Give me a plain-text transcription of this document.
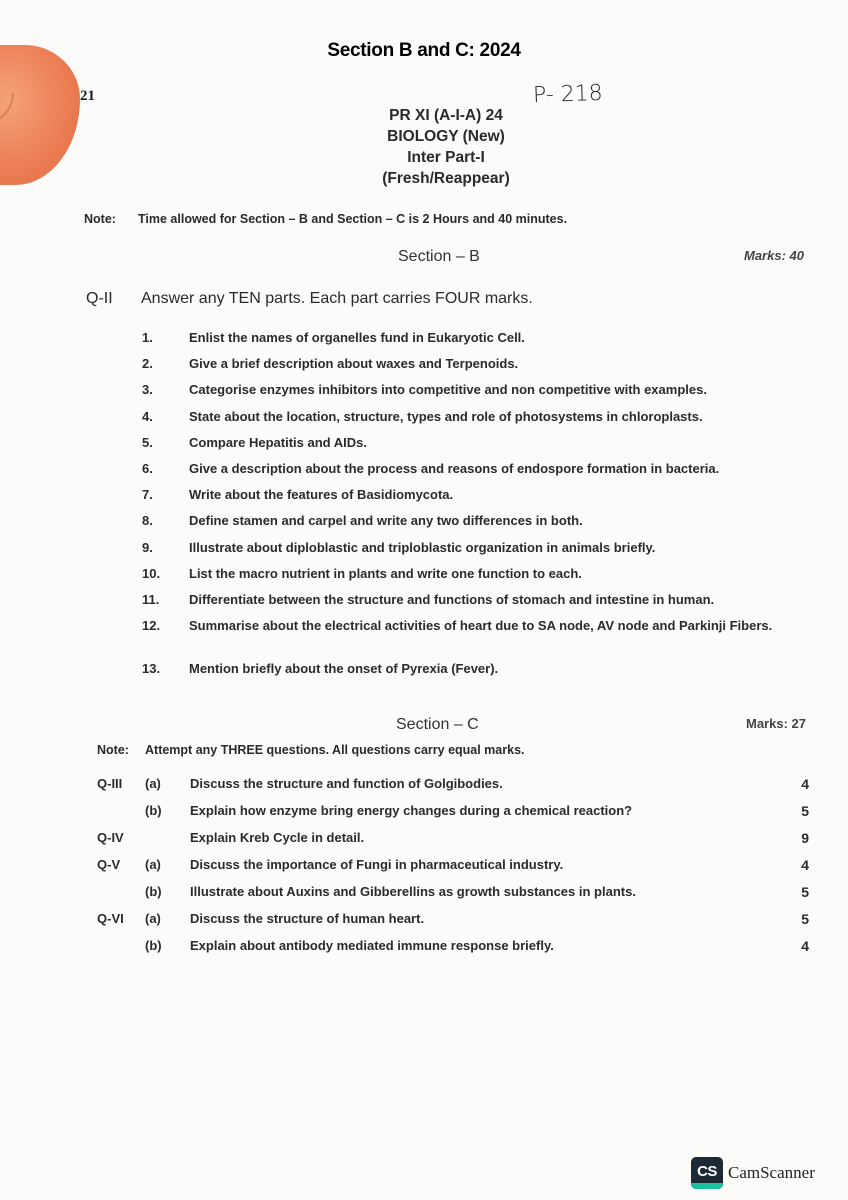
Section B and C: 2024
21	P- 218
PR XI (A-I-A) 24
BIOLOGY (New)
Inter Part-I
(Fresh/Reappear)
Note: Time allowed for Section – B and Section – C is 2 Hours and 40 minutes.
Section – B	Marks: 40
Q-II Answer any TEN parts. Each part carries FOUR marks.
1.	Enlist the names of organelles fund in Eukaryotic Cell.
2.	Give a brief description about waxes and Terpenoids.
3.	Categorise enzymes inhibitors into competitive and non competitive with examples.
4.	State about the location, structure, types and role of photosystems in chloroplasts.
5.	Compare Hepatitis and AIDs.
6.	Give a description about the process and reasons of endospore formation in bacteria.
7.	Write about the features of Basidiomycota.
8.	Define stamen and carpel and write any two differences in both.
9.	Illustrate about diploblastic and triploblastic organization in animals briefly.
10.	List the macro nutrient in plants and write one function to each.
11.	Differentiate between the structure and functions of stomach and intestine in human.
12.	Summarise about the electrical activities of heart due to SA node, AV node and Parkinji Fibers.
13.	Mention briefly about the onset of Pyrexia (Fever).
Section – C	Marks: 27
Note: Attempt any THREE questions. All questions carry equal marks.
Q-III	(a)	Discuss the structure and function of Golgibodies.	4
(b)	Explain how enzyme bring energy changes during a chemical reaction?	5
Q-IV	Explain Kreb Cycle in detail.	9
Q-V	(a)	Discuss the importance of Fungi in pharmaceutical industry.	4
(b)	Illustrate about Auxins and Gibberellins as growth substances in plants.	5
Q-VI	(a)	Discuss the structure of human heart.	5
(b)	Explain about antibody mediated immune response briefly.	4
CS CamScanner
